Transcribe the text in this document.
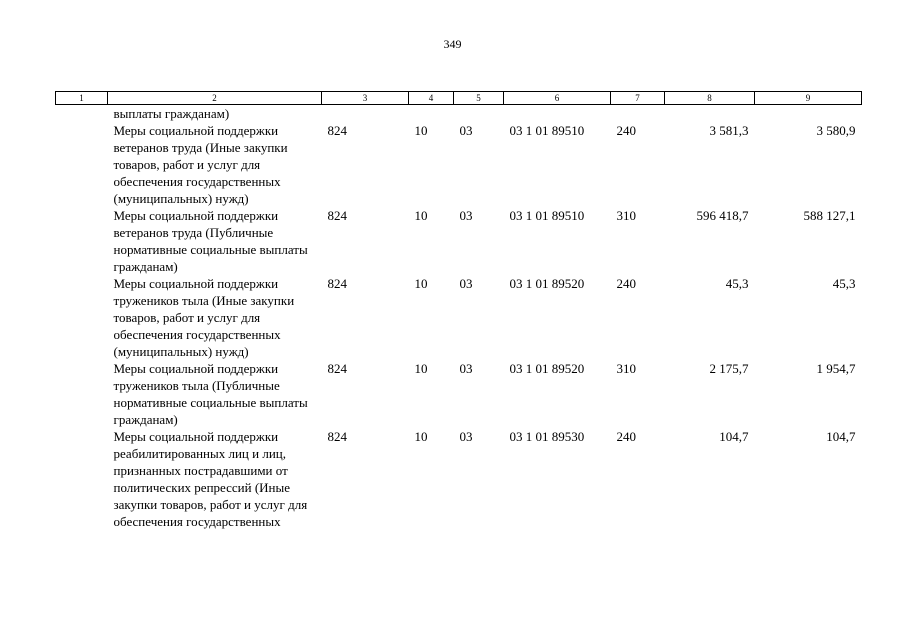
349
1	2	3	4	5	6	7	8	9
	выплаты гражданам)							
	Меры социальной поддержки ветеранов труда (Иные закупки товаров, работ и услуг для обеспечения государственных (муниципальных) нужд)	824	10	03	03 1 01 89510	240	3 581,3	3 580,9
	Меры социальной поддержки ветеранов труда (Публичные нормативные социальные выплаты гражданам)	824	10	03	03 1 01 89510	310	596 418,7	588 127,1
	Меры социальной поддержки тружеников тыла (Иные закупки товаров, работ и услуг для обеспечения государственных (муниципальных) нужд)	824	10	03	03 1 01 89520	240	45,3	45,3
	Меры социальной поддержки тружеников тыла (Публичные нормативные социальные выплаты гражданам)	824	10	03	03 1 01 89520	310	2 175,7	1 954,7
	Меры социальной поддержки реабилитированных лиц и лиц, признанных пострадавшими от политических репрессий (Иные закупки товаров, работ и услуг для обеспечения государственных	824	10	03	03 1 01 89530	240	104,7	104,7
